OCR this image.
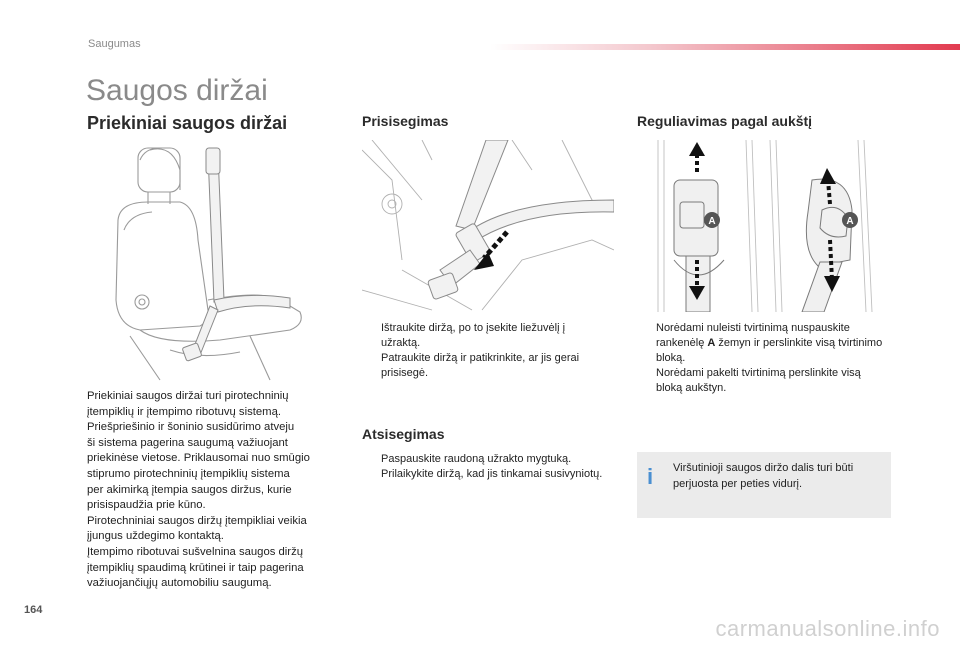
Saugumas
Saugos diržai
Priekiniai saugos diržai	Prisisegimas	Reguliavimas pagal aukštį

Priekiniai saugos diržai turi pirotechninių

įtempiklių ir įtempimo ribotuvų sistemą.

Priešpriešinio ir šoninio susidūrimo atveju

ši sistema pagerina saugumą važiuojant

priekinėse vietose. Priklausomai nuo smūgio

stiprumo pirotechninių įtempiklių sistema

per akimirką įtempia saugos diržus, kurie

prisispaudžia prie kūno.

Pirotechniniai saugos diržų įtempikliai veikia

įjungus uždegimo kontaktą.

Įtempimo ribotuvai sušvelnina saugos diržų

įtempiklių spaudimą krūtinei ir taip pagerina

važiuojančiųjų automobiliu saugumą.

Ištraukite diržą, po to įsekite liežuvėlį į užraktą.
Patraukite diržą ir patikrinkite, ar jis gerai prisisegė.
Atsisegimas
Paspauskite raudoną užrakto mygtuką.
Prilaikykite diržą, kad jis tinkamai susivyniotų.
A	A
Norėdami nuleisti tvirtinimą nuspauskite rankenėlę A žemyn ir perslinkite visą tvirtinimo bloką.
Norėdami pakelti tvirtinimą perslinkite visą bloką aukštyn.
i	Viršutinioji saugos diržo dalis turi būti perjuosta per peties vidurį.
164
carmanualsonline.info
